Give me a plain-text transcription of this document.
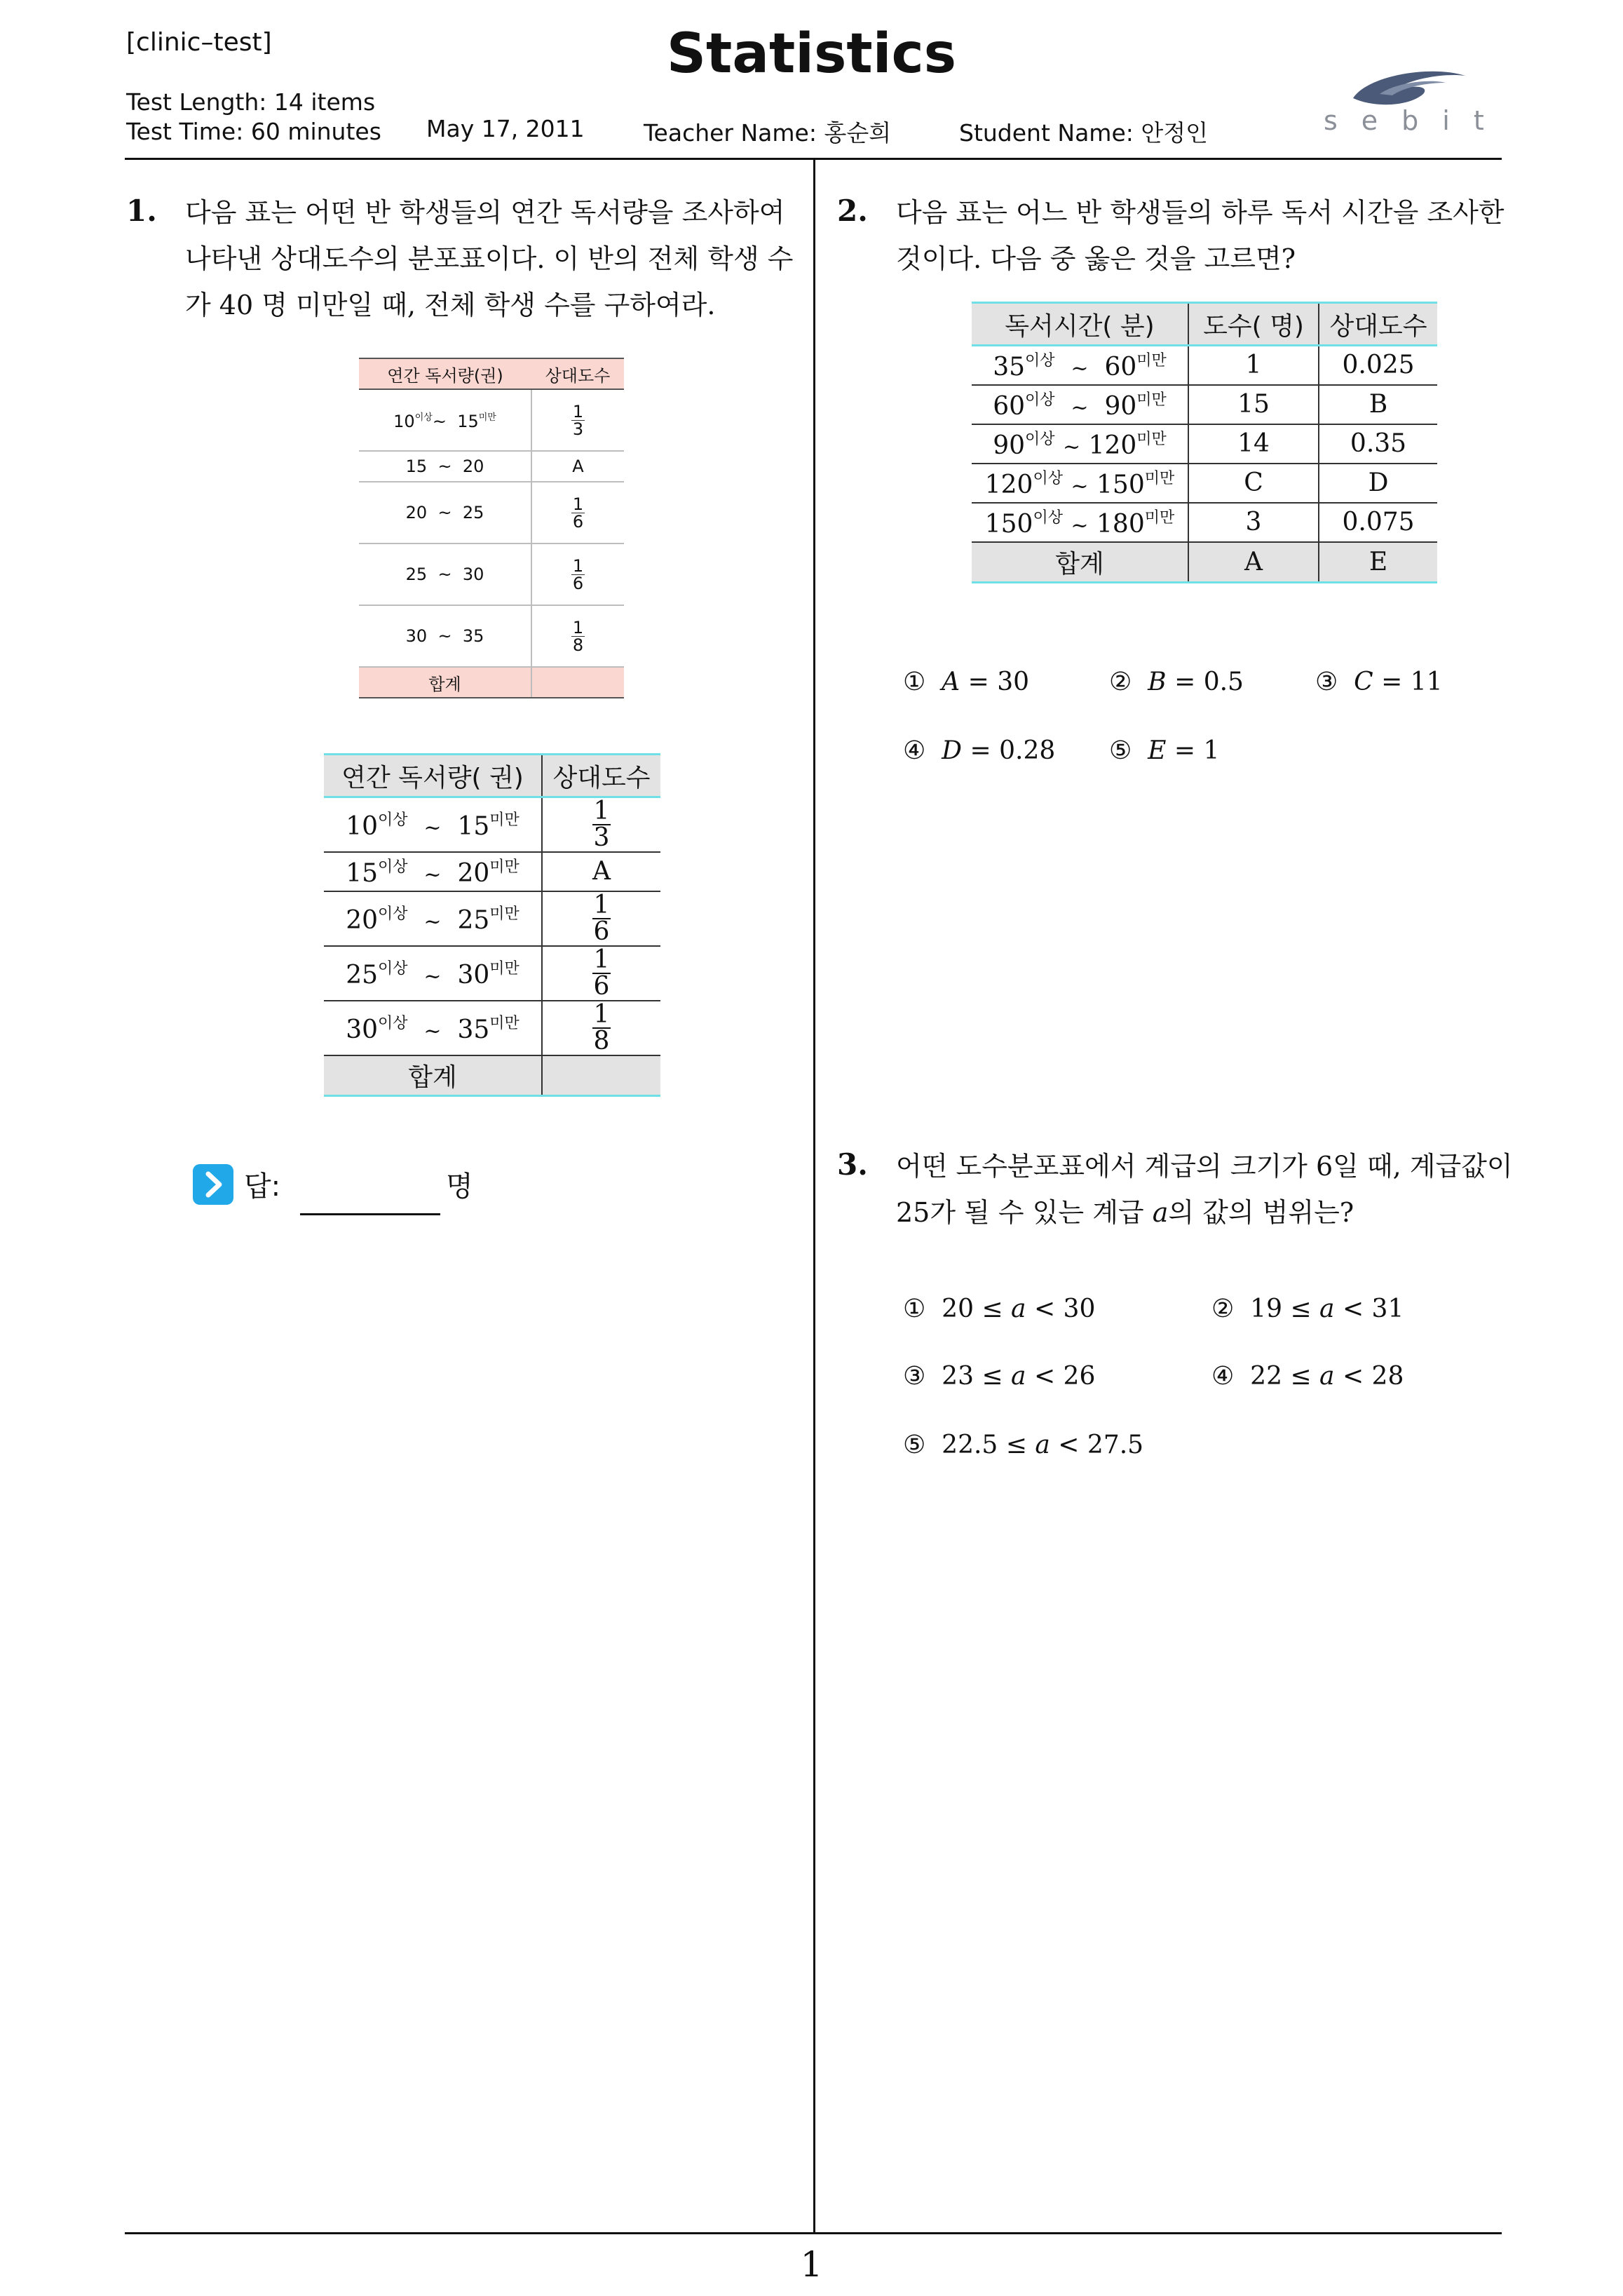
[clinic–test]	Statistics
Test Length: 14 items
Test Time: 60 minutes May 17, 2011	Teacher Name: 홍순희	Student Name: 안정인	sebit
1
1. 다음 표는 어떤 반 학생들의 연간 독서량을 조사하여
나타낸 상대도수의 분포표이다. 이 반의 전체 학생 수
가 40 명 미만일 때, 전체 학생 수를 구하여라.
연간 독서량(권)	상대도수
$10^{이상}\sim$ $15^{미만}$	$\frac{1}{3}$

15 ~ 20	A
20 ~ 25	$\frac{1}{6}$

25 ~ 30	$\frac{1}{6}$

30 ~ 35	$\frac{1}{8}$

합계	
연간 독서량( 권)	상대도수
$10^{이상}$ ~ $15^{미만}$	$\frac{1}{3}$

$15^{이상}$ ~ $20^{미만}$	A
$20^{이상}$ ~ $25^{미만}$	$\frac{1}{6}$

$25^{이상}$ ~ $30^{미만}$	$\frac{1}{6}$

$30^{이상}$ ~ $35^{미만}$	$\frac{1}{8}$

합계	
답:	명
2. 다음 표는 어느 반 학생들의 하루 독서 시간을 조사한
것이다. 다음 중 옳은 것을 고르면?
독서시간( 분)	도수( 명)	상대도수
$35^{이상}$ ~ $60^{미만}$	1	0.025
$60^{이상}$ ~ $90^{미만}$	15	B
$90^{이상}$ ~ $120^{미만}$	14	0.35
$120^{이상}$ ~ $150^{미만}$	C	D
$150^{이상}$ ~ $180^{미만}$	3	0.075
합계	A	E
① A = 30	② B = 0.5	③ C = 11
④ D = 0.28 ⑤ E = 1
3. 어떤 도수분포표에서 계급의 크기가 6일 때, 계급값이
25가 될 수 있는 계급 a의 값의 범위는?
① 20 ≤ a < 30	② 19 ≤ a < 31
③ 23 ≤ a < 26	④ 22 ≤ a < 28
⑤ 22.5 ≤ a < 27.5
